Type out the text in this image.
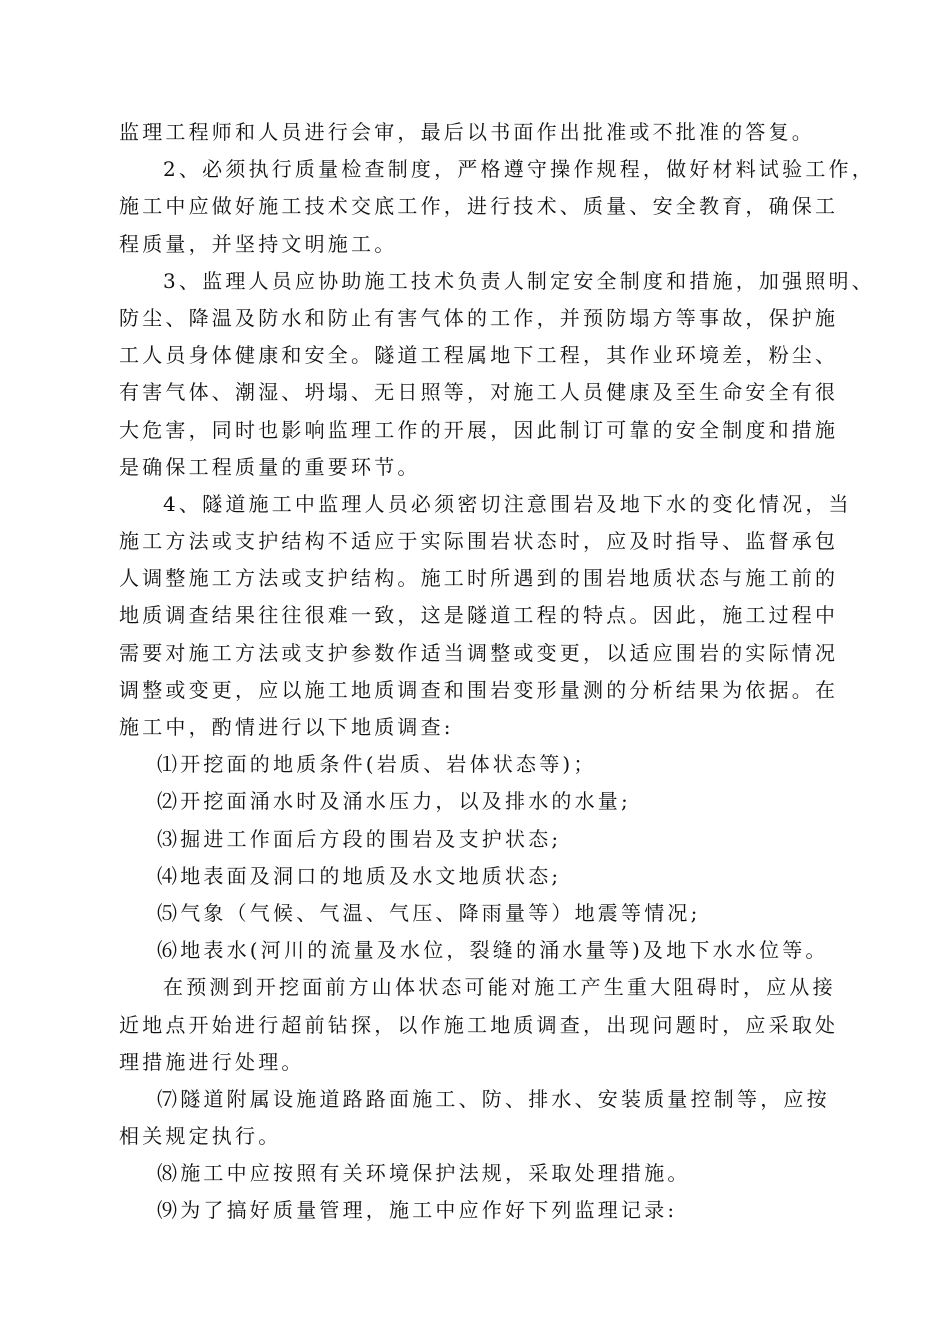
监理工程师和人员进行会审，最后以书面作出批准或不批准的答复。
2、必须执行质量检查制度，严格遵守操作规程，做好材料试验工作，
施工中应做好施工技术交底工作，进行技术、质量、安全教育，确保工
程质量，并坚持文明施工。
3、监理人员应协助施工技术负责人制定安全制度和措施，加强照明、
防尘、降温及防水和防止有害气体的工作，并预防塌方等事故，保护施
工人员身体健康和安全。隧道工程属地下工程，其作业环境差，粉尘、
有害气体、潮湿、坍塌、无日照等，对施工人员健康及至生命安全有很
大危害，同时也影响监理工作的开展，因此制订可靠的安全制度和措施
是确保工程质量的重要环节。
4、隧道施工中监理人员必须密切注意围岩及地下水的变化情况，当
施工方法或支护结构不适应于实际围岩状态时，应及时指导、监督承包
人调整施工方法或支护结构。施工时所遇到的围岩地质状态与施工前的
地质调查结果往往很难一致，这是隧道工程的特点。因此，施工过程中
需要对施工方法或支护参数作适当调整或变更，以适应围岩的实际情况
调整或变更，应以施工地质调查和围岩变形量测的分析结果为依据。在
施工中，酌情进行以下地质调查:
⑴开挖面的地质条件(岩质、岩体状态等)；
⑵开挖面涌水时及涌水压力，以及排水的水量;
⑶掘进工作面后方段的围岩及支护状态;
⑷地表面及洞口的地质及水文地质状态;
⑸气象（气候、气温、气压、降雨量等）地震等情况;
⑹地表水(河川的流量及水位，裂缝的涌水量等)及地下水水位等。
在预测到开挖面前方山体状态可能对施工产生重大阻碍时，应从接
近地点开始进行超前钻探，以作施工地质调查，出现问题时，应采取处
理措施进行处理。
⑺隧道附属设施道路路面施工、防、排水、安装质量控制等，应按
相关规定执行。
⑻施工中应按照有关环境保护法规，采取处理措施。
⑼为了搞好质量管理，施工中应作好下列监理记录:
